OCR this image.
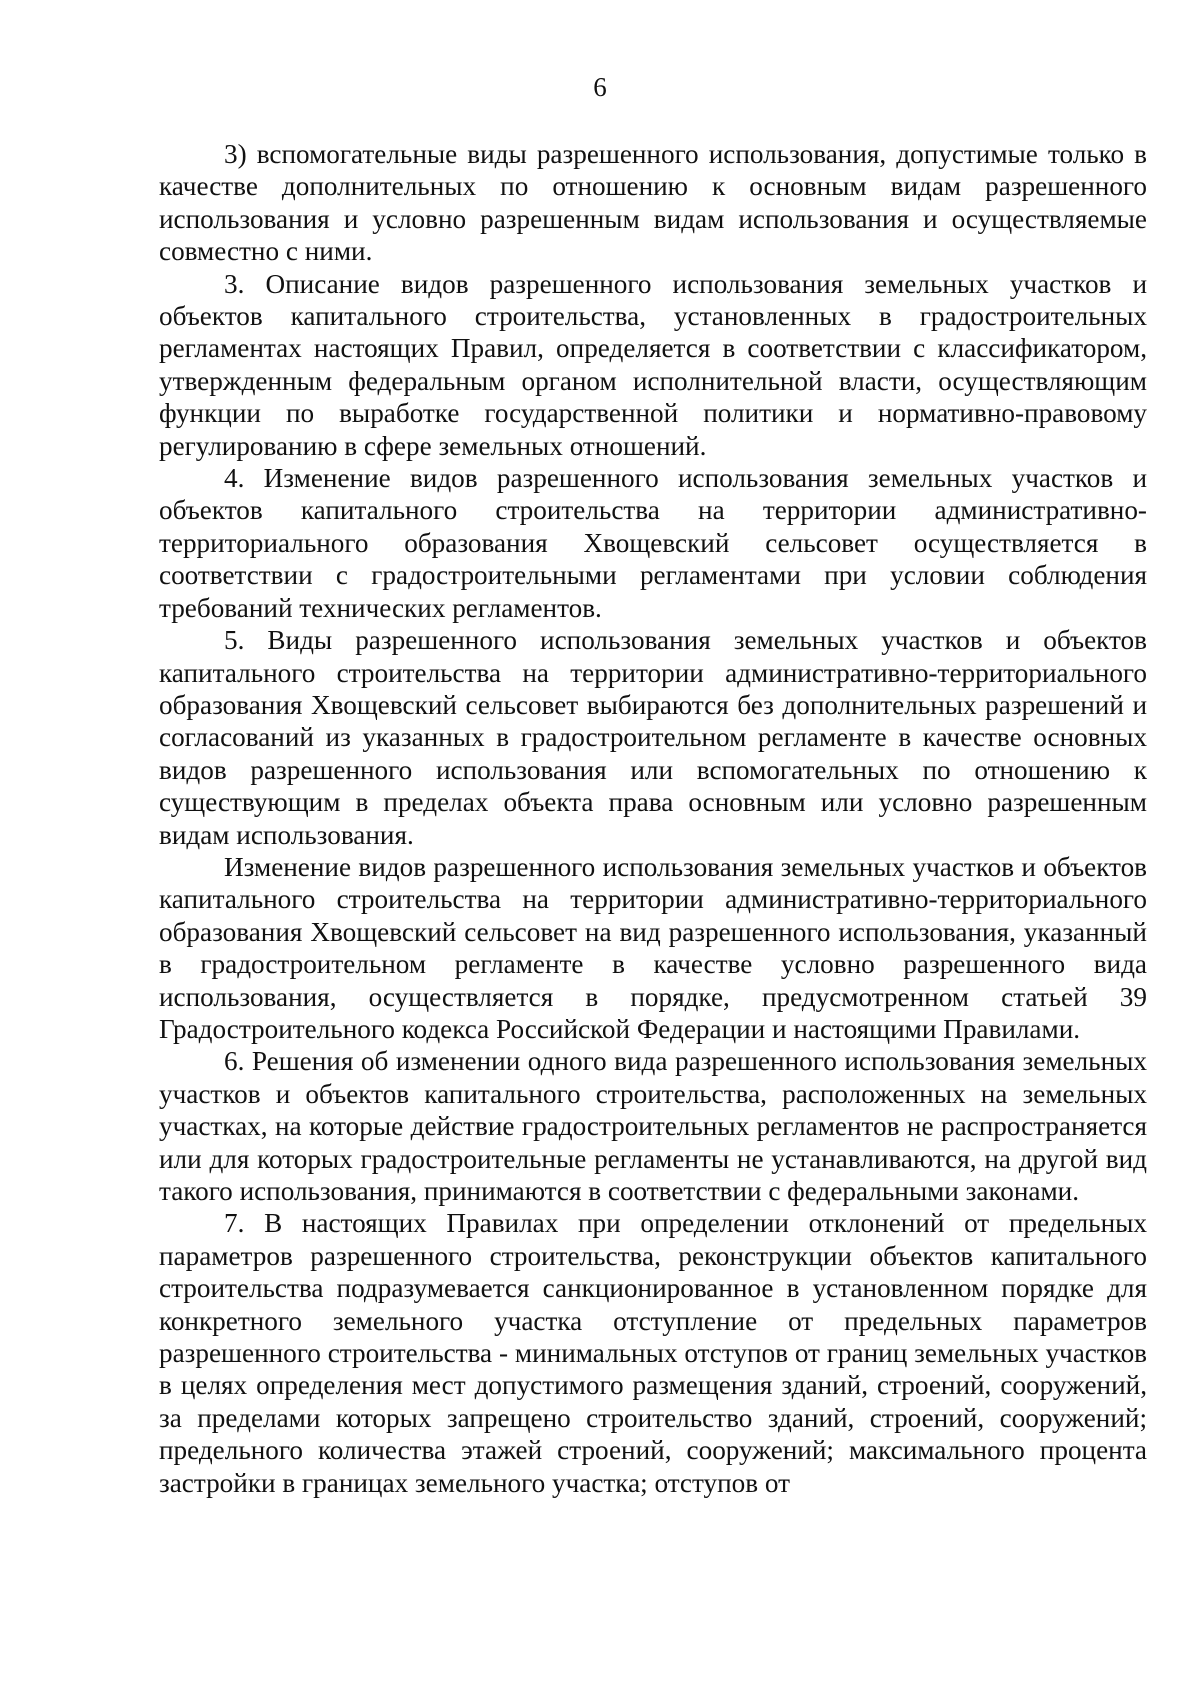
6

3) вспомогательные виды разрешенного использования, допустимые только в качестве дополнительных по отношению к основным видам разрешенного использования и условно разрешенным видам использования и осуществляемые совместно с ними.

3. Описание видов разрешенного использования земельных участков и объектов капитального строительства, установленных в градостроительных регламентах настоящих Правил, определяется в соответствии с классификатором, утвержденным федеральным органом исполнительной власти, осуществляющим функции по выработке государственной политики и нормативно-правовому регулированию в сфере земельных отношений.

4. Изменение видов разрешенного использования земельных участков и объектов капитального строительства на территории административно-территориального образования Хвощевский сельсовет осуществляется в соответствии с градостроительными регламентами при условии соблюдения требований технических регламентов.

5. Виды разрешенного использования земельных участков и объектов капитального строительства на территории административно-территориального образования Хвощевский сельсовет выбираются без дополнительных разрешений и согласований из указанных в градостроительном регламенте в качестве основных видов разрешенного использования или вспомогательных по отношению к существующим в пределах объекта права основным или условно разрешенным видам использования.

Изменение видов разрешенного использования земельных участков и объектов капитального строительства на территории административно-территориального образования Хвощевский сельсовет на вид разрешенного использования, указанный в градостроительном регламенте в качестве условно разрешенного вида использования, осуществляется в порядке, предусмотренном статьей 39 Градостроительного кодекса Российской Федерации и настоящими Правилами.

6. Решения об изменении одного вида разрешенного использования земельных участков и объектов капитального строительства, расположенных на земельных участках, на которые действие градостроительных регламентов не распространяется или для которых градостроительные регламенты не устанавливаются, на другой вид такого использования, принимаются в соответствии с федеральными законами.

7. В настоящих Правилах при определении отклонений от предельных параметров разрешенного строительства, реконструкции объектов капитального строительства подразумевается санкционированное в установленном порядке для конкретного земельного участка отступление от предельных параметров разрешенного строительства - минимальных отступов от границ земельных участков в целях определения мест допустимого размещения зданий, строений, сооружений, за пределами которых запрещено строительство зданий, строений, сооружений; предельного количества этажей строений, сооружений; максимального процента застройки в границах земельного участка; отступов от
